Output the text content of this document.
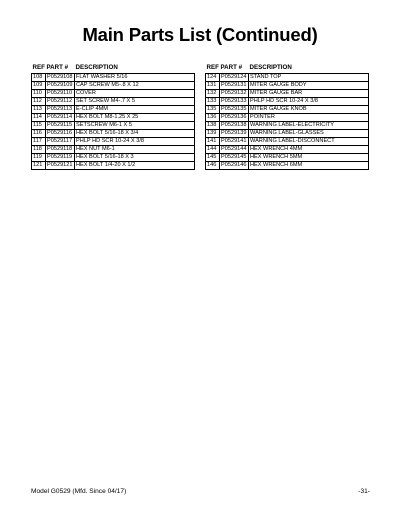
Main Parts List (Continued)
REF	PART #	DESCRIPTION
108	P0529108	FLAT WASHER 5/16
109	P0529109	CAP SCREW M5-.8 X 12
110	P0529110	COVER
112	P0529112	SET SCREW M4-.7 X 5
113	P0529113	E-CLIP 4MM
114	P0529114	HEX BOLT M8-1.25 X 25
115	P0529115	SETSCREW M6-1 X 5
116	P0529116	HEX BOLT 5/16-18 X 3/4
117	P0529117	PHLP HD SCR 10-24 X 3/8
118	P0529118	HEX NUT M6-1
119	P0529119	HEX BOLT 5/16-18 X 3
121	P0529121	HEX BOLT 1/4-20 X 1/2
REF	PART #	DESCRIPTION
124	P0529124	STAND TOP
131	P0529131	MITER GAUGE BODY
132	P0529132	MITER GAUGE BAR
133	P0529133	PHLP HD SCR 10-24 X 3/8
135	P0529135	MITER GAUGE KNOB
136	P0529136	POINTER
138	P0529138	WARNING LABEL-ELECTRICITY
139	P0529139	WARNING LABEL-GLASSES
141	P0529141	WARNING LABEL-DISCONNECT
144	P0529144	HEX WRENCH 4MM
145	P0529145	HEX WRENCH 5MM
146	P0529146	HEX WRENCH 6MM
Model G0529 (Mfd. Since 04/17)	-31-
